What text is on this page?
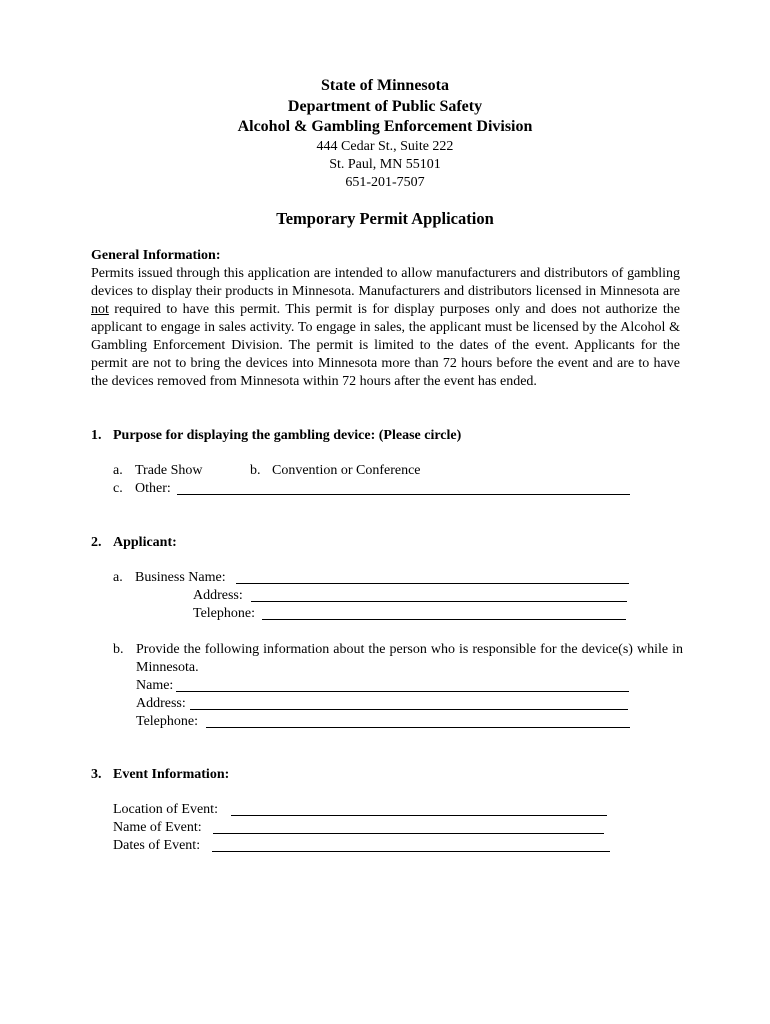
State of Minnesota
Department of Public Safety
Alcohol & Gambling Enforcement Division
444 Cedar St., Suite 222
St. Paul, MN 55101
651-201-7507
Temporary Permit Application
General Information:
Permits issued through this application are intended to allow manufacturers and distributors of gambling devices to display their products in Minnesota. Manufacturers and distributors licensed in Minnesota are not required to have this permit. This permit is for display purposes only and does not authorize the applicant to engage in sales activity. To engage in sales, the applicant must be licensed by the Alcohol & Gambling Enforcement Division. The permit is limited to the dates of the event. Applicants for the permit are not to bring the devices into Minnesota more than 72 hours before the event and are to have the devices removed from Minnesota within 72 hours after the event has ended.
1. Purpose for displaying the gambling device: (Please circle)
a. Trade Show	b. Convention or Conference
c. Other:
2. Applicant:
a. Business Name:
Address:
Telephone:
b. Provide the following information about the person who is responsible for the device(s) while in Minnesota.
Name:
Address:
Telephone:
3. Event Information:
Location of Event:
Name of Event:
Dates of Event:
